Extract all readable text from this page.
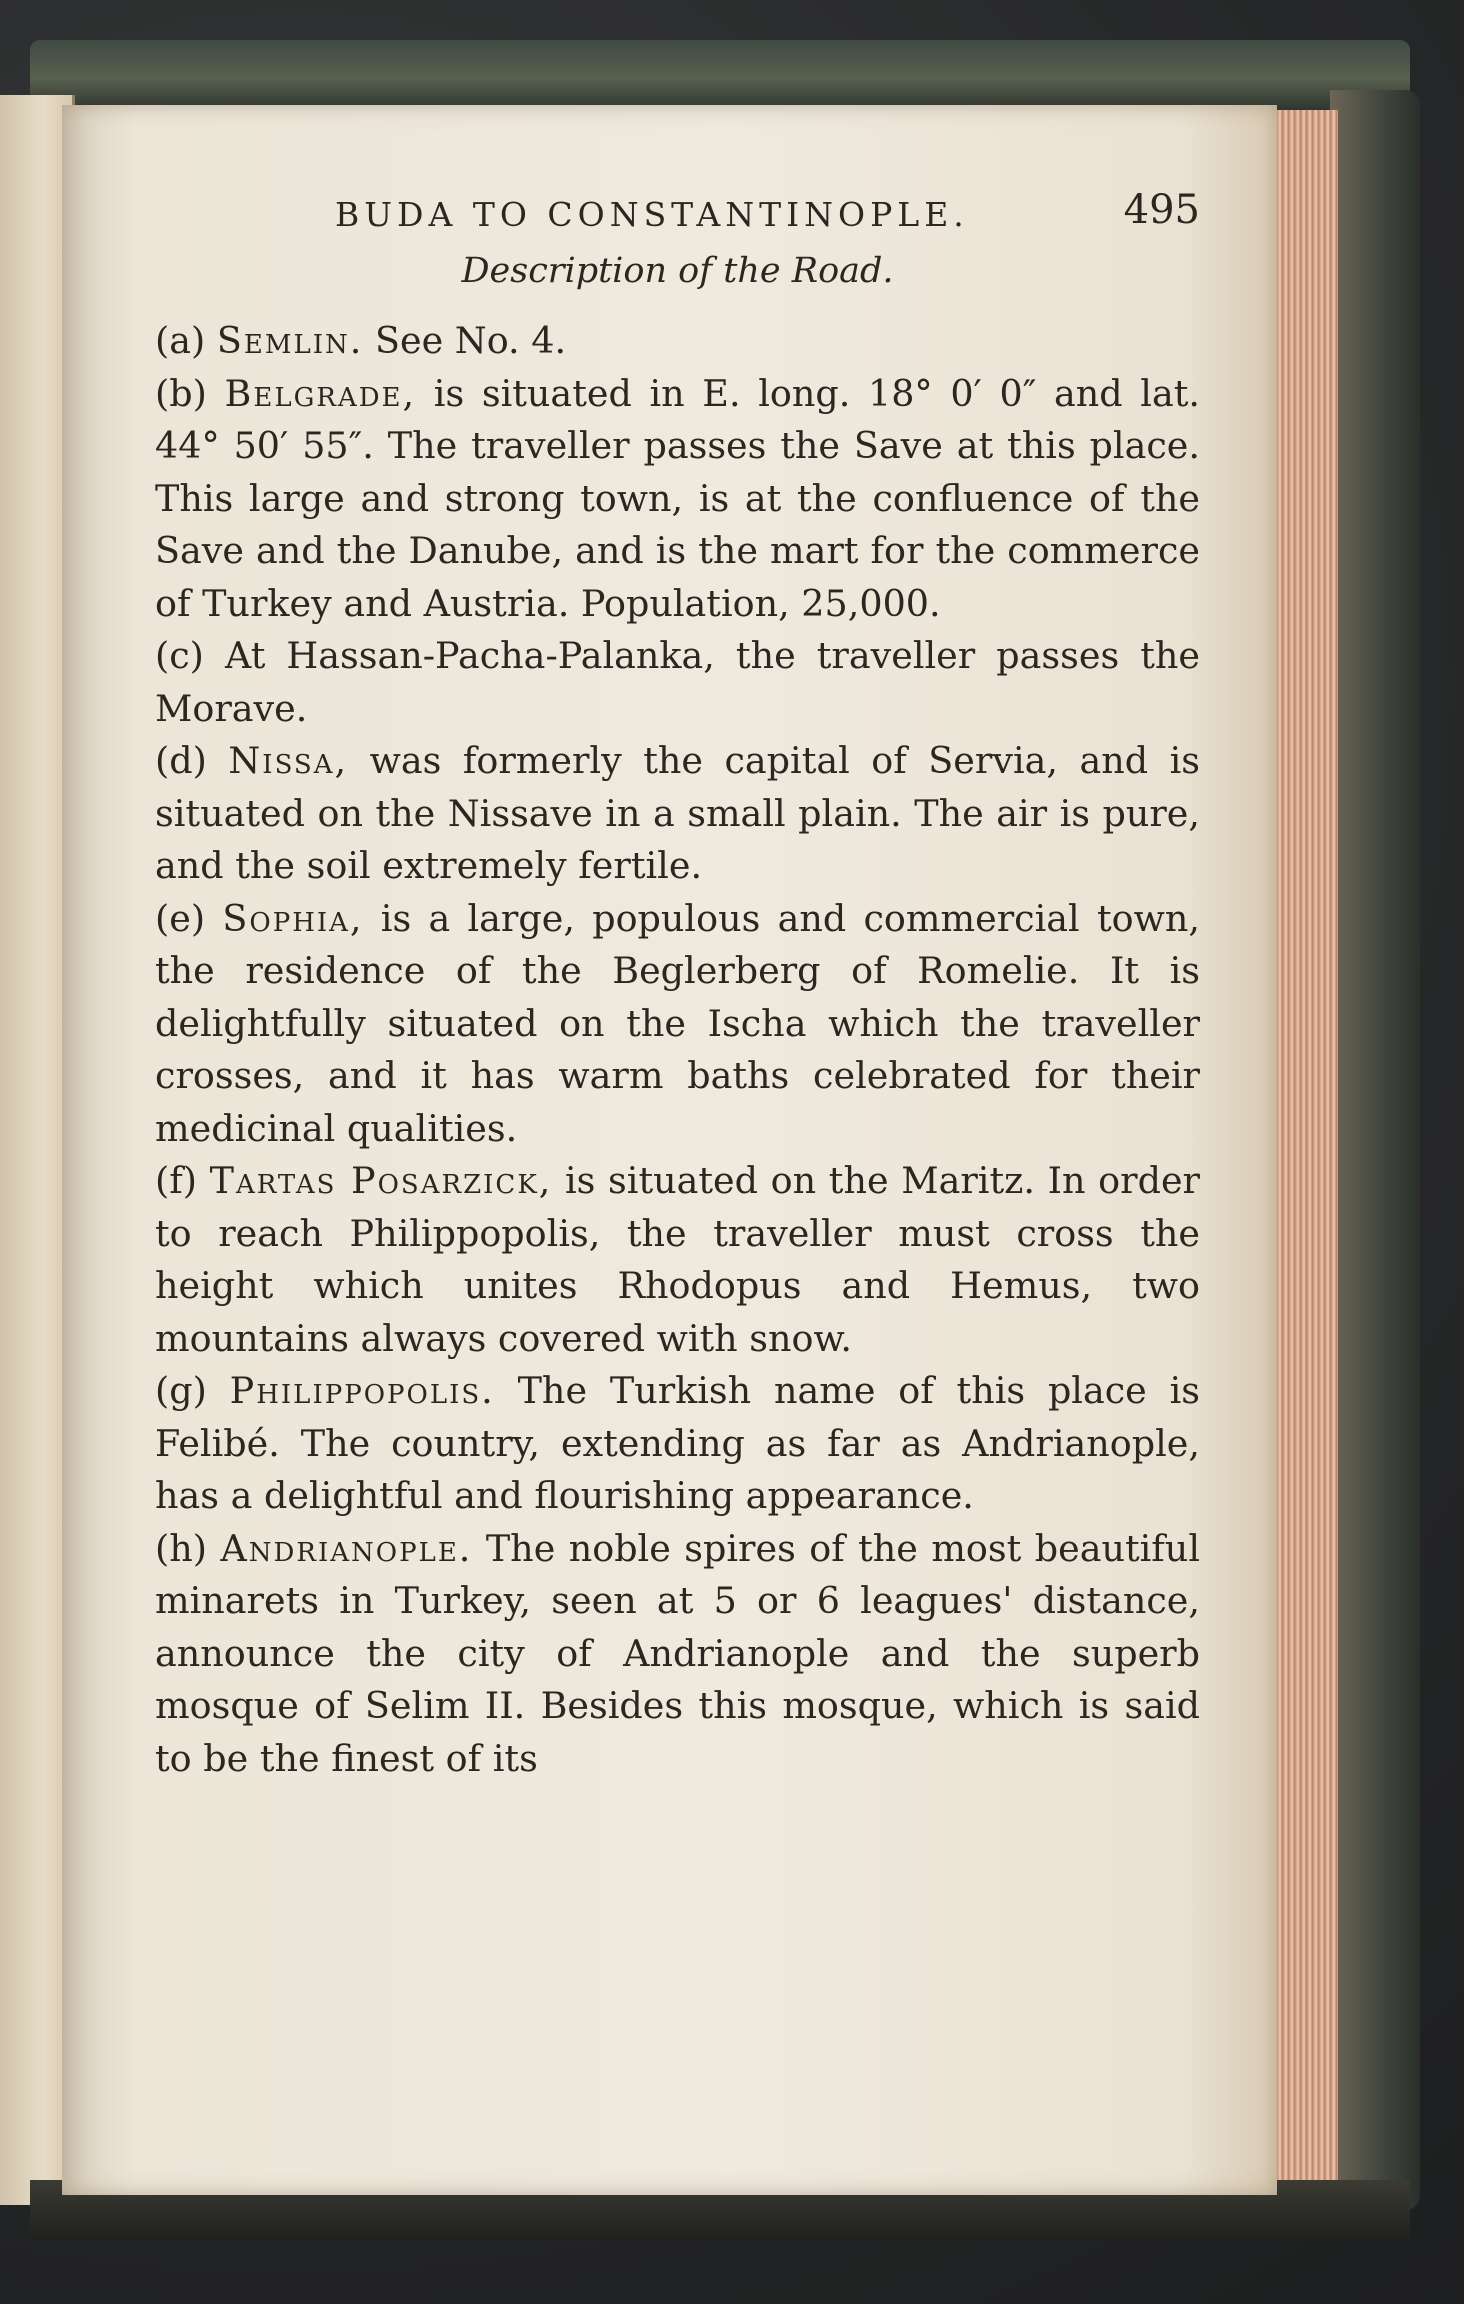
BUDA TO CONSTANTINOPLE.	495
Description of the Road.

(a) Semlin. See No. 4.

(b) Belgrade, is situated in E. long. 18° 0′ 0″ and lat. 44° 50′ 55″. The traveller passes the Save at this place. This large and strong town, is at the confluence of the Save and the Danube, and is the mart for the commerce of Turkey and Austria. Population, 25,000.

(c) At Hassan-Pacha-Palanka, the traveller passes the Morave.

(d) Nissa, was formerly the capital of Servia, and is situated on the Nissave in a small plain. The air is pure, and the soil extremely fertile.

(e) Sophia, is a large, populous and commercial town, the residence of the Beglerberg of Romelie. It is delightfully situated on the Ischa which the traveller crosses, and it has warm baths celebrated for their medicinal qualities.

(f) Tartas Posarzick, is situated on the Maritz. In order to reach Philippopolis, the traveller must cross the height which unites Rhodopus and Hemus, two mountains always covered with snow.

(g) Philippopolis. The Turkish name of this place is Felibé. The country, extending as far as Andrianople, has a delightful and flourishing appearance.

(h) Andrianople. The noble spires of the most beautiful minarets in Turkey, seen at 5 or 6 leagues' distance, announce the city of Andrianople and the superb mosque of Selim II. Besides this mosque, which is said to be the finest of its
